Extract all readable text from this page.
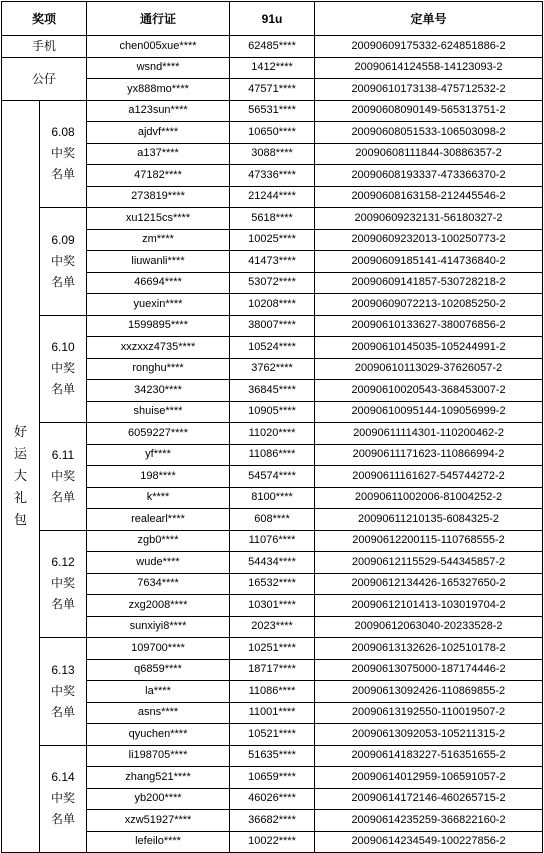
奖项		通行证	91u	定单号
手机		chen005xue****	62485****	20090609175332-624851886-2
公仔		wsnd****	1412****	20090614124558-14123093-2
		yx888mo****	47571****	20090610173138-475712532-2

好
运
大
礼
包	6.08
中奖
名单	a123sun****	56531****	20090608090149-565313751-2
		ajdvf****	10650****	20090608051533-106503098-2
		a137****	3088****	20090608111844-30886357-2
		47182****	47336****	20090608193337-473366370-2
		273819****	21244****	20090608163158-212445546-2

	6.09
中奖
名单	xu1215cs****	5618****	20090609232131-56180327-2
		zm****	10025****	20090609232013-100250773-2
		liuwanli****	41473****	20090609185141-414736840-2
		46694****	53072****	20090609141857-530728218-2
		yuexin****	10208****	20090609072213-102085250-2

	6.10
中奖
名单	1599895****	38007****	20090610133627-380076856-2
		xxzxxz4735****	10524****	20090610145035-105244991-2
		ronghu****	3762****	20090610113029-37626057-2
		34230****	36845****	20090610020543-368453007-2
		shuise****	10905****	20090610095144-109056999-2

	6.11
中奖
名单	6059227****	11020****	20090611114301-110200462-2
		yf****	11086****	20090611171623-110866994-2
		198****	54574****	20090611161627-545744272-2
		k****	8100****	20090611002006-81004252-2
		realearl****	608****	20090611210135-6084325-2

	6.12
中奖
名单	zgb0****	11076****	20090612200115-110768555-2
		wude****	54434****	20090612115529-544345857-2
		7634****	16532****	20090612134426-165327650-2
		zxg2008****	10301****	20090612101413-103019704-2
		sunxiyi8****	2023****	20090612063040-20233528-2

	6.13
中奖
名单	109700****	10251****	20090613132626-102510178-2
		q6859****	18717****	20090613075000-187174446-2
		la****	11086****	20090613092426-110869855-2
		asns****	11001****	20090613192550-110019507-2
		qyuchen****	10521****	20090613092053-105211315-2

	6.14
中奖
名单	li198705****	51635****	20090614183227-516351655-2
		zhang521****	10659****	20090614012959-106591057-2
		yb200****	46026****	20090614172146-460265715-2
		xzw51927****	36682****	20090614235259-366822160-2
		lefeilo****	10022****	20090614234549-100227856-2
